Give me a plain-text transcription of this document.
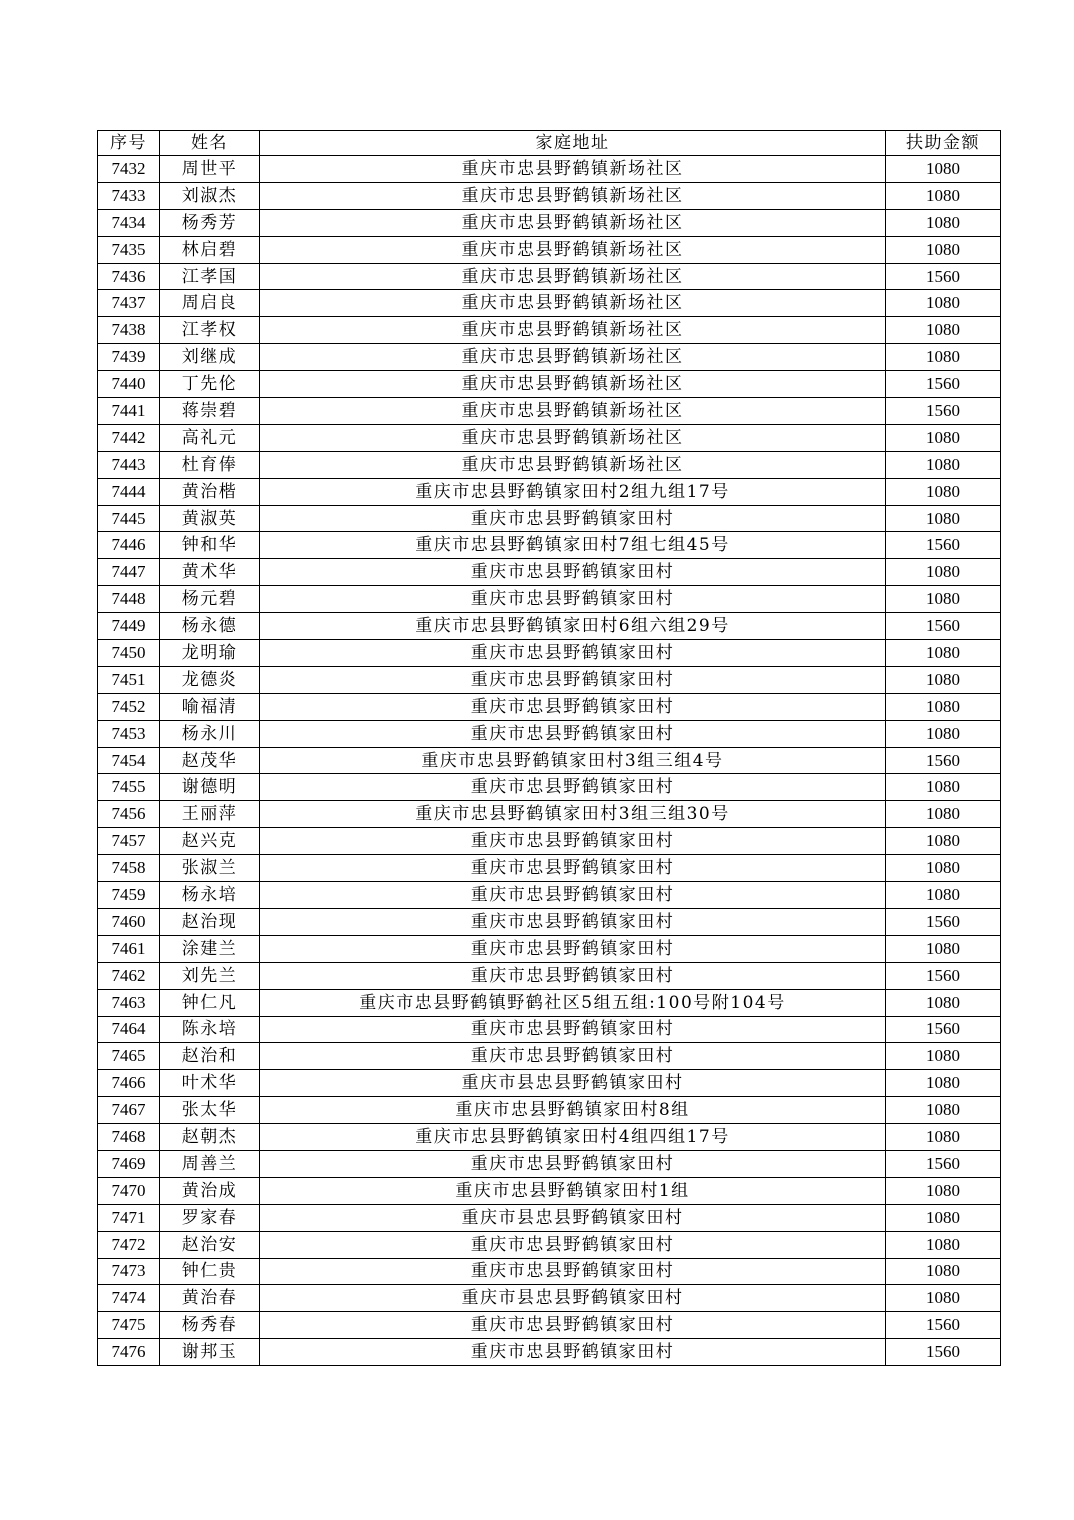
序号	姓名	家庭地址	扶助金额
7432	周世平	重庆市忠县野鹤镇新场社区	1080
7433	刘淑杰	重庆市忠县野鹤镇新场社区	1080
7434	杨秀芳	重庆市忠县野鹤镇新场社区	1080
7435	林启碧	重庆市忠县野鹤镇新场社区	1080
7436	江孝国	重庆市忠县野鹤镇新场社区	1560
7437	周启良	重庆市忠县野鹤镇新场社区	1080
7438	江孝权	重庆市忠县野鹤镇新场社区	1080
7439	刘继成	重庆市忠县野鹤镇新场社区	1080
7440	丁先伦	重庆市忠县野鹤镇新场社区	1560
7441	蒋崇碧	重庆市忠县野鹤镇新场社区	1560
7442	高礼元	重庆市忠县野鹤镇新场社区	1080
7443	杜育俸	重庆市忠县野鹤镇新场社区	1080
7444	黄治楷	重庆市忠县野鹤镇家田村2组九组17号	1080
7445	黄淑英	重庆市忠县野鹤镇家田村	1080
7446	钟和华	重庆市忠县野鹤镇家田村7组七组45号	1560
7447	黄术华	重庆市忠县野鹤镇家田村	1080
7448	杨元碧	重庆市忠县野鹤镇家田村	1080
7449	杨永德	重庆市忠县野鹤镇家田村6组六组29号	1560
7450	龙明瑜	重庆市忠县野鹤镇家田村	1080
7451	龙德炎	重庆市忠县野鹤镇家田村	1080
7452	喻福清	重庆市忠县野鹤镇家田村	1080
7453	杨永川	重庆市忠县野鹤镇家田村	1080
7454	赵茂华	重庆市忠县野鹤镇家田村3组三组4号	1560
7455	谢德明	重庆市忠县野鹤镇家田村	1080
7456	王丽萍	重庆市忠县野鹤镇家田村3组三组30号	1080
7457	赵兴克	重庆市忠县野鹤镇家田村	1080
7458	张淑兰	重庆市忠县野鹤镇家田村	1080
7459	杨永培	重庆市忠县野鹤镇家田村	1080
7460	赵治现	重庆市忠县野鹤镇家田村	1560
7461	涂建兰	重庆市忠县野鹤镇家田村	1080
7462	刘先兰	重庆市忠县野鹤镇家田村	1560
7463	钟仁凡	重庆市忠县野鹤镇野鹤社区5组五组:100号附104号	1080
7464	陈永培	重庆市忠县野鹤镇家田村	1560
7465	赵治和	重庆市忠县野鹤镇家田村	1080
7466	叶术华	重庆市县忠县野鹤镇家田村	1080
7467	张太华	重庆市忠县野鹤镇家田村8组	1080
7468	赵朝杰	重庆市忠县野鹤镇家田村4组四组17号	1080
7469	周善兰	重庆市忠县野鹤镇家田村	1560
7470	黄治成	重庆市忠县野鹤镇家田村1组	1080
7471	罗家春	重庆市县忠县野鹤镇家田村	1080
7472	赵治安	重庆市忠县野鹤镇家田村	1080
7473	钟仁贵	重庆市忠县野鹤镇家田村	1080
7474	黄治春	重庆市县忠县野鹤镇家田村	1080
7475	杨秀春	重庆市忠县野鹤镇家田村	1560
7476	谢邦玉	重庆市忠县野鹤镇家田村	1560
